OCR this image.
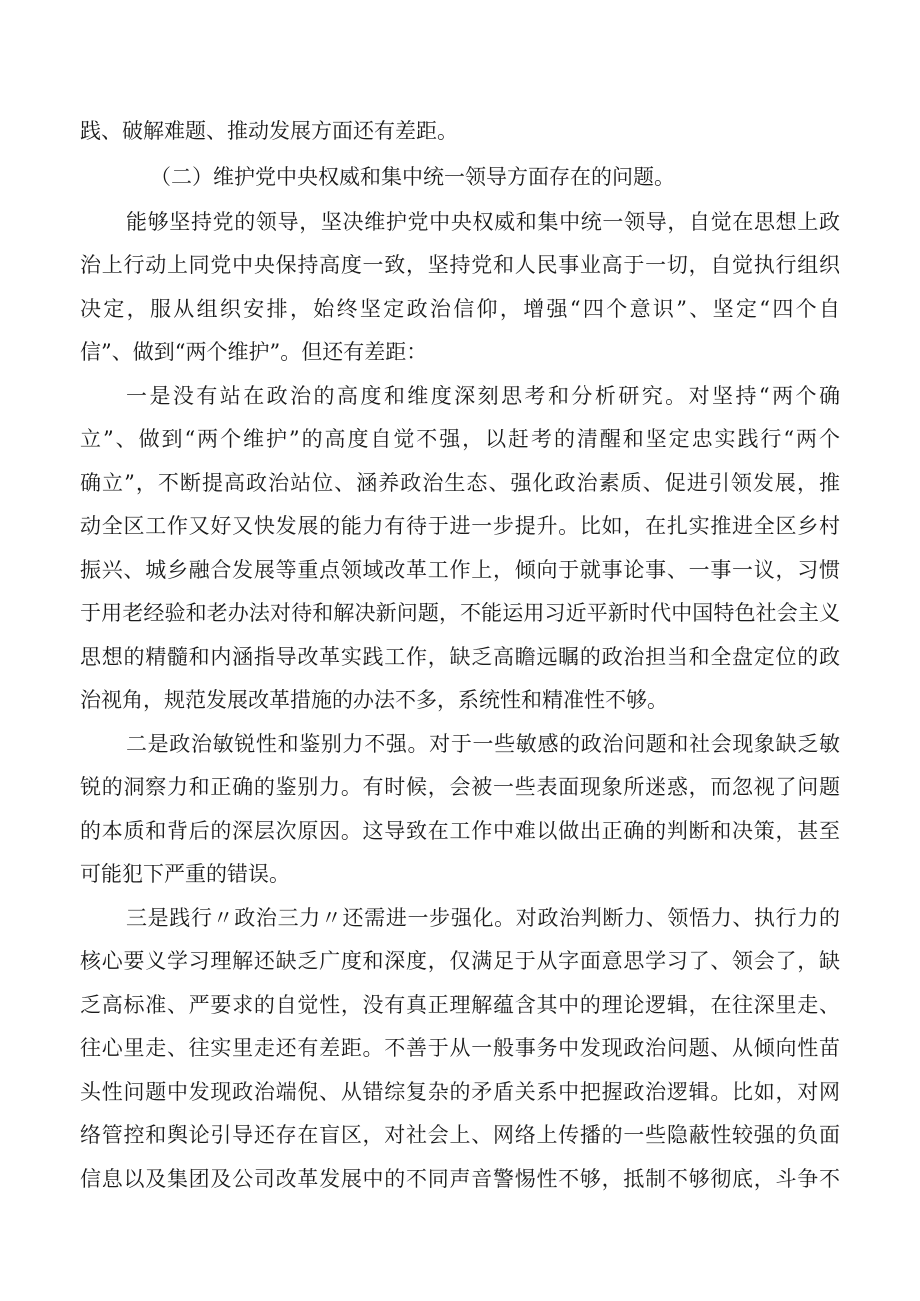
践、破解难题、推动发展方面还有差距。
（二）维护党中央权威和集中统一领导方面存在的问题。
能够坚持党的领导，坚决维护党中央权威和集中统一领导，自觉在思想上政
治上行动上同党中央保持高度一致，坚持党和人民事业高于一切，自觉执行组织
决定，服从组织安排，始终坚定政治信仰，增强“四个意识”、坚定“四个自
信”、做到“两个维护”。但还有差距：
一是没有站在政治的高度和维度深刻思考和分析研究。对坚持“两个确
立”、做到“两个维护”的高度自觉不强，以赶考的清醒和坚定忠实践行“两个
确立”，不断提高政治站位、涵养政治生态、强化政治素质、促进引领发展，推
动全区工作又好又快发展的能力有待于进一步提升。比如，在扎实推进全区乡村
振兴、城乡融合发展等重点领域改革工作上，倾向于就事论事、一事一议，习惯
于用老经验和老办法对待和解决新问题，不能运用习近平新时代中国特色社会主义
思想的精髓和内涵指导改革实践工作，缺乏高瞻远瞩的政治担当和全盘定位的政
治视角，规范发展改革措施的办法不多，系统性和精准性不够。
二是政治敏锐性和鉴别力不强。对于一些敏感的政治问题和社会现象缺乏敏
锐的洞察力和正确的鉴别力。有时候，会被一些表面现象所迷惑，而忽视了问题
的本质和背后的深层次原因。这导致在工作中难以做出正确的判断和决策，甚至
可能犯下严重的错误。
三是践行〃政治三力〃还需进一步强化。对政治判断力、领悟力、执行力的
核心要义学习理解还缺乏广度和深度，仅满足于从字面意思学习了、领会了，缺
乏高标准、严要求的自觉性，没有真正理解蕴含其中的理论逻辑，在往深里走、
往心里走、往实里走还有差距。不善于从一般事务中发现政治问题、从倾向性苗
头性问题中发现政治端倪、从错综复杂的矛盾关系中把握政治逻辑。比如，对网
络管控和舆论引导还存在盲区，对社会上、网络上传播的一些隐蔽性较强的负面
信息以及集团及公司改革发展中的不同声音警惕性不够，抵制不够彻底，斗争不
